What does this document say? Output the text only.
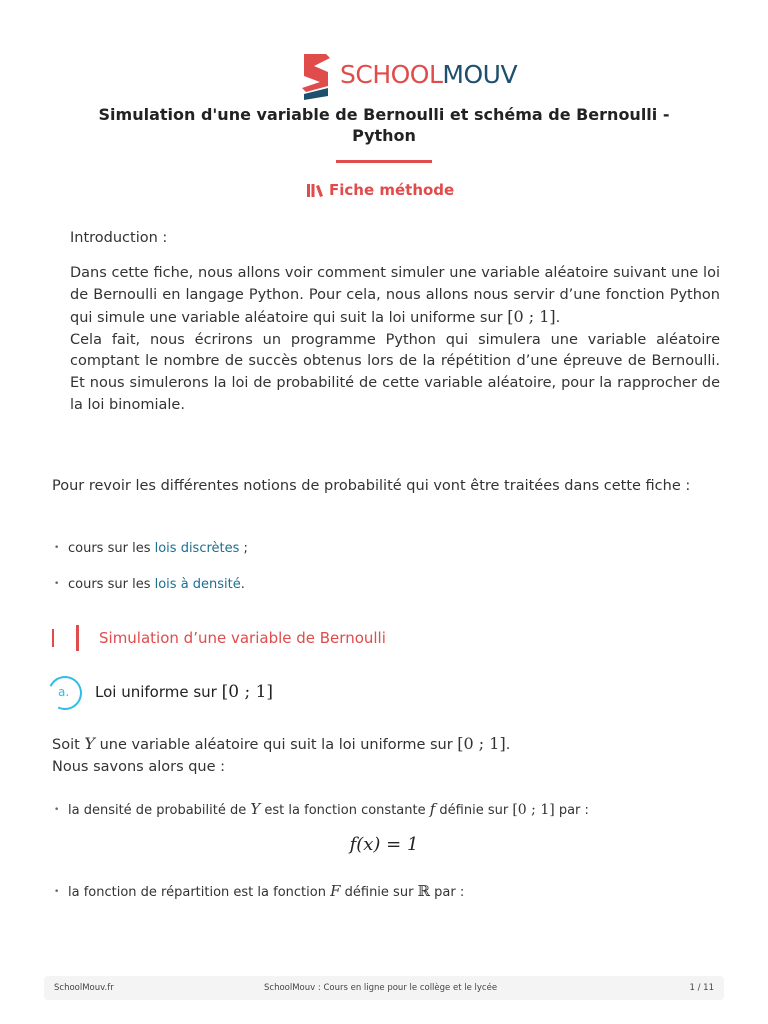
SCHOOLMOUV
Simulation d'une variable de Bernoulli et schéma de Bernoulli - Python
Fiche méthode
Introduction :
Dans cette fiche, nous allons voir comment simuler une variable aléatoire suivant une loi de Bernoulli en langage Python. Pour cela, nous allons nous servir d’une fonction Python qui simule une variable aléatoire qui suit la loi uniforme sur [0 ; 1].
Cela fait, nous écrirons un programme Python qui simulera une variable aléatoire comptant le nombre de succès obtenus lors de la répétition d’une épreuve de Bernoulli. Et nous simulerons la loi de probabilité de cette variable aléatoire, pour la rapprocher de la loi binomiale.
Pour revoir les différentes notions de probabilité qui vont être traitées dans cette fiche :
• cours sur les lois discrètes ;
• cours sur les lois à densité.
Simulation d’une variable de Bernoulli
a. Loi uniforme sur [0 ; 1]
Soit Y une variable aléatoire qui suit la loi uniforme sur [0 ; 1].
Nous savons alors que :
• la densité de probabilité de Y est la fonction constante f définie sur [0 ; 1] par :
f(x) = 1
• la fonction de répartition est la fonction F définie sur ℝ par :
SchoolMouv.fr	SchoolMouv : Cours en ligne pour le collège et le lycée	1 / 11
